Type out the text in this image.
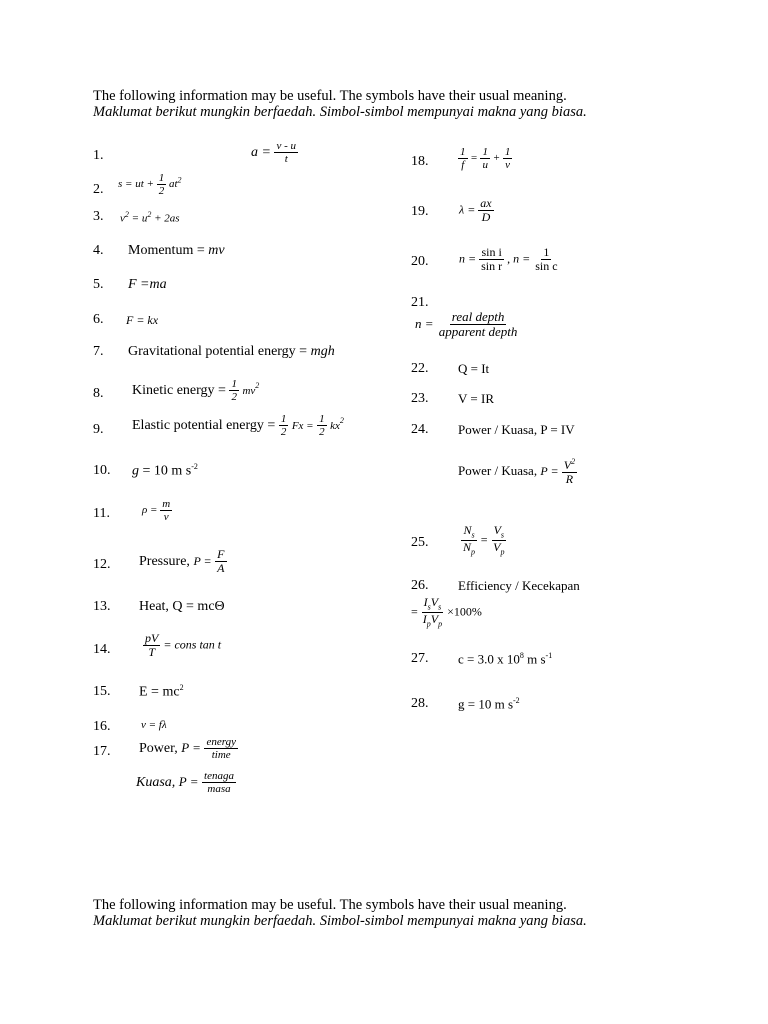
The following information may be useful. The symbols have their usual meaning.
Maklumat berikut mungkin berfaedah. Simbol-simbol mempunyai makna yang biasa.
1.	$a = \frac{v - u}{t}$
2. s = ut + $\frac{1}{2} at^2$
3. $v^2 = u^2 + 2as$
4. Momentum = mv
5. F =ma
6. F = kx
7. Gravitational potential energy = mgh
8. Kinetic energy = $\frac{1}{2} mv^2$
9. Elastic potential energy = $\frac{1}{2}$ $Fx = \frac{1}{2} kx^2$
10. g = 10 m $s^{-2}$
11.	$\rho = \frac{m}{v}$
12. Pressure, $P = \frac{F}{A}$
13. Heat, Q = mcΘ
14.	$\frac{pV}{T}$ = cons tan t
15. $E = mc^2$
16.	v = fλ
17. Power, $P = \frac{\text{energy}}{\text{time}}$
Kuasa, $P = \frac{\text{tenaga}}{\text{masa}}$
18.	$\frac{1}{f} = \frac{1}{u} + \frac{1}{v}$
19.	$\lambda = \frac{ax}{D}$
20.	$n = \frac{\text{sin i}}{\text{sin r}}$ , $n = \frac{1}{\text{sin c}}$
21.
$n = \frac{\text{real depth}}{\text{apparent depth}}$
22. Q = It
23. V = IR
24. Power / Kuasa, P = IV
Power / Kuasa, $P = \frac{V^2}{R}$
25.	$\frac{N_s}{N_p} = \frac{V_s}{V_p}$
26. Efficiency / Kecekapan
= $\frac{I_sV_s}{I_pV_p} \times 100\%$
27. c = 3.0 x $10^8$ m $s^{-1}$
28. g = 10 m $s^{-2}$
The following information may be useful. The symbols have their usual meaning.
Maklumat berikut mungkin berfaedah. Simbol-simbol mempunyai makna yang biasa.
